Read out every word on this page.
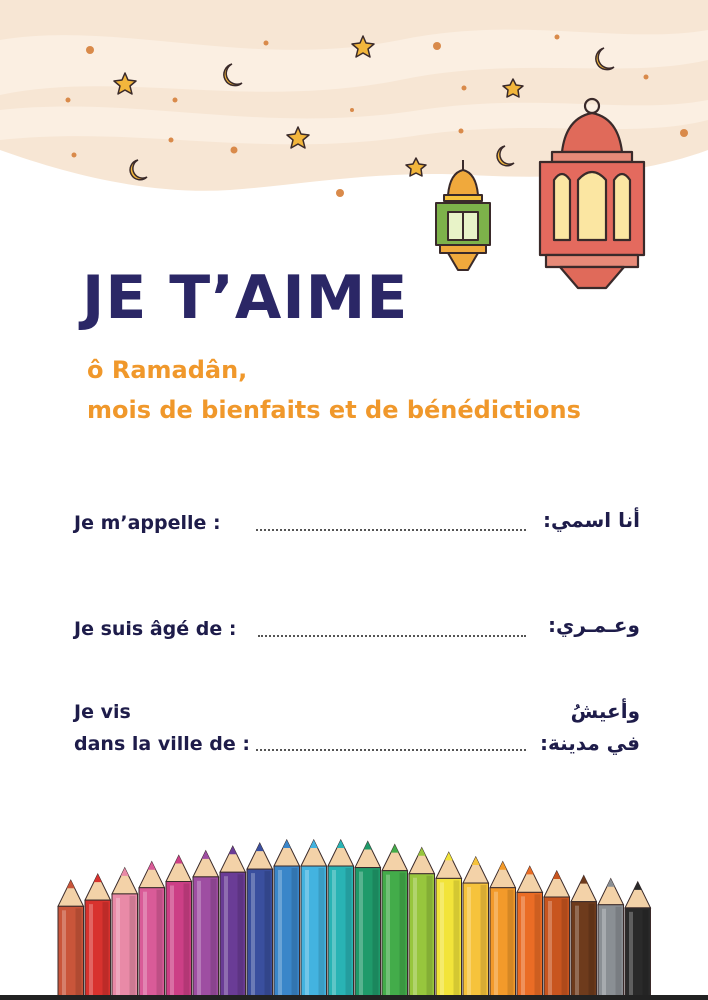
JE T’AIME
ô Ramadân,
mois de bienfaits et de bénédictions
Je m’appelle :	أنا اسمي:
Je suis âgé de :	وعـمـري:
Je vis
dans la ville de :
وأعيشُ
في مدينة:
